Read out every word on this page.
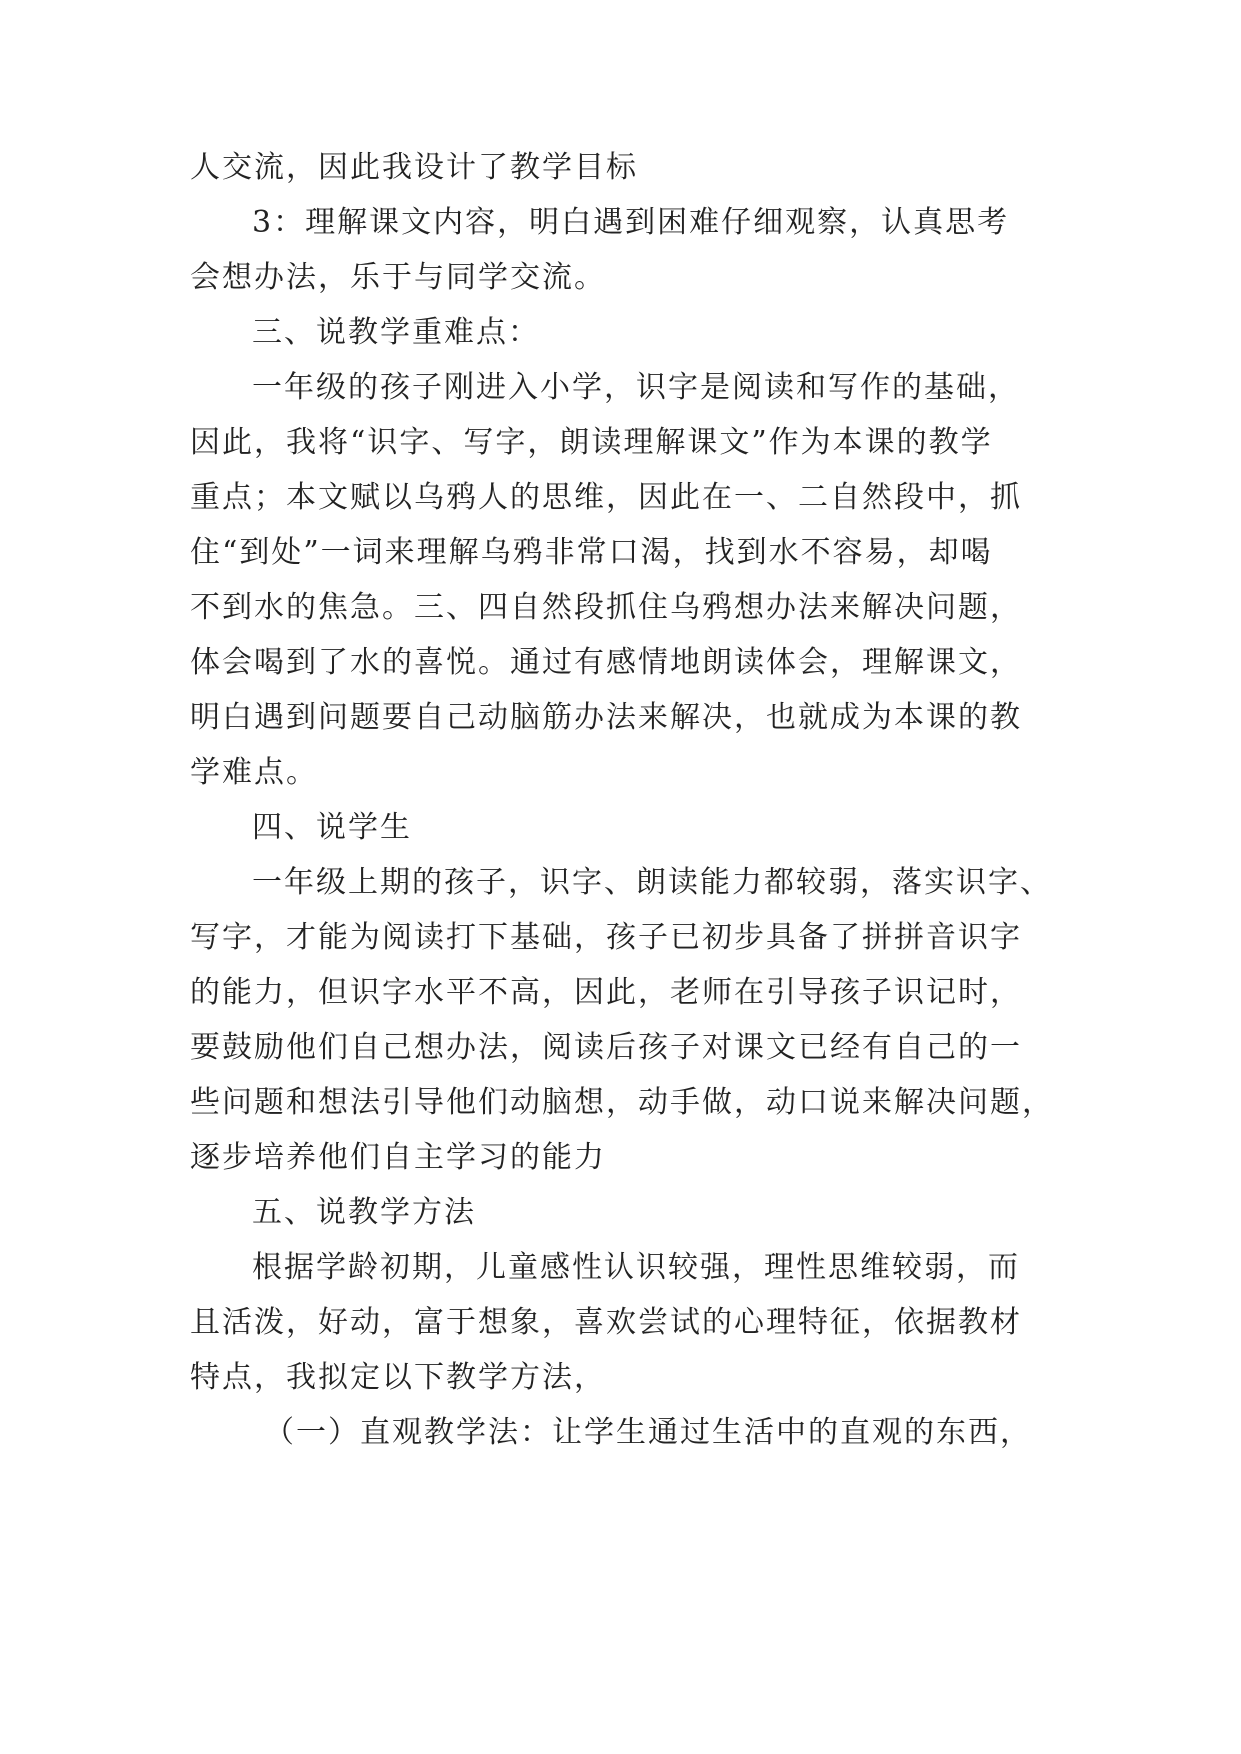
人交流，因此我设计了教学目标
3：理解课文内容，明白遇到困难仔细观察，认真思考
会想办法，乐于与同学交流。
三、说教学重难点：
一年级的孩子刚进入小学，识字是阅读和写作的基础，
因此，我将“识字、写字，朗读理解课文”作为本课的教学
重点；本文赋以乌鸦人的思维，因此在一、二自然段中，抓
住“到处”一词来理解乌鸦非常口渴，找到水不容易，却喝
不到水的焦急。三、四自然段抓住乌鸦想办法来解决问题，
体会喝到了水的喜悦。通过有感情地朗读体会，理解课文，
明白遇到问题要自己动脑筋办法来解决，也就成为本课的教
学难点。
四、说学生
一年级上期的孩子，识字、朗读能力都较弱，落实识字、
写字，才能为阅读打下基础，孩子已初步具备了拼拼音识字
的能力，但识字水平不高，因此，老师在引导孩子识记时，
要鼓励他们自己想办法，阅读后孩子对课文已经有自己的一
些问题和想法引导他们动脑想，动手做，动口说来解决问题，
逐步培养他们自主学习的能力
五、说教学方法
根据学龄初期，儿童感性认识较强，理性思维较弱，而
且活泼，好动，富于想象，喜欢尝试的心理特征，依据教材
特点，我拟定以下教学方法，
（一）直观教学法：让学生通过生活中的直观的东西，
